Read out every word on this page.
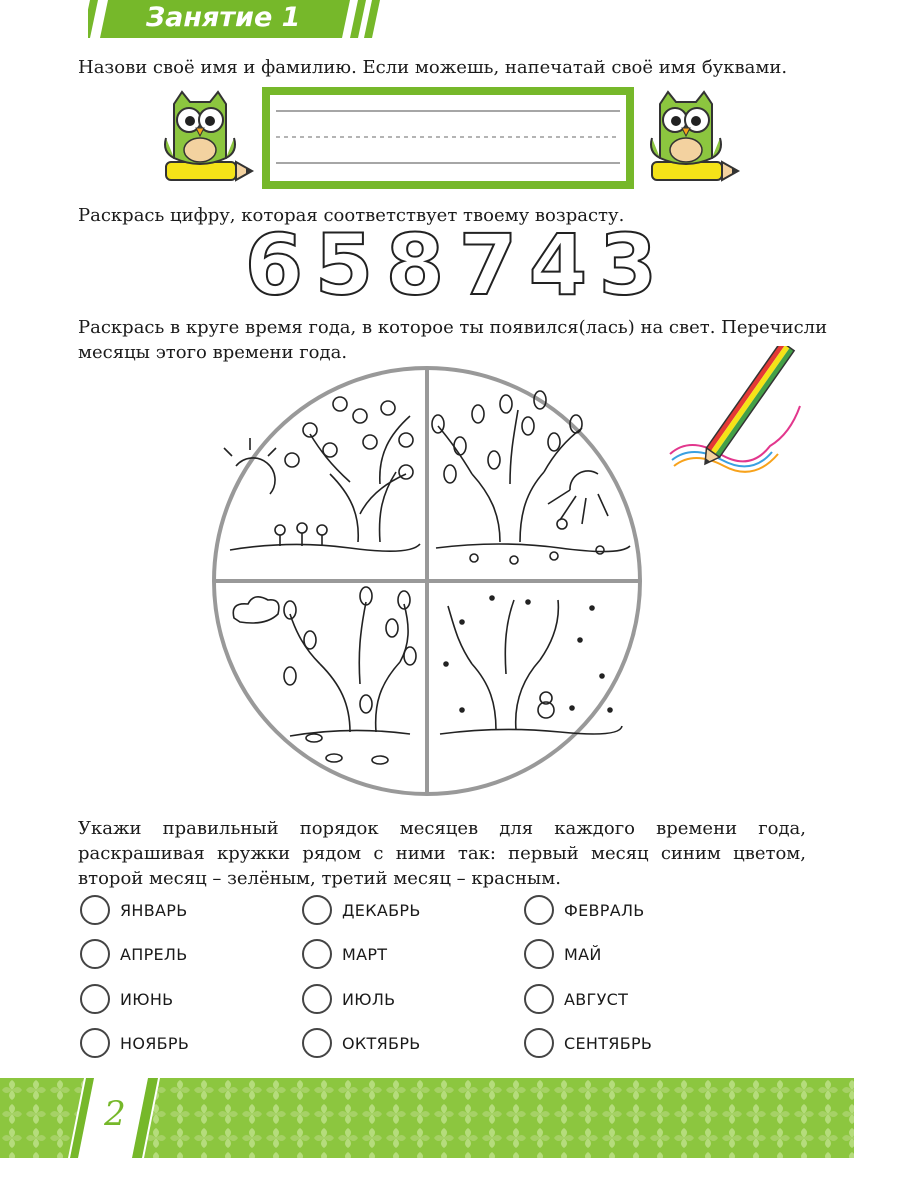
Занятие 1
Назови своё имя и фамилию. Если можешь, напечатай своё имя буквами.
Раскрась цифру, которая соответствует твоему возрасту.
6 5 8 7 4 3
Раскрась в круге время года, в которое ты появился(лась) на свет. Перечисли
месяцы этого времени года.
Укажи правильный порядок месяцев для каждого времени года, раскрашивая кружки рядом с ними так: первый месяц синим цветом, второй месяц – зелёным, третий месяц – красным.
ЯНВАРЬ	ДЕКАБРЬ	ФЕВРАЛЬ
АПРЕЛЬ	МАРТ	МАЙ
ИЮНЬ	ИЮЛЬ	АВГУСТ
НОЯБРЬ	ОКТЯБРЬ	СЕНТЯБРЬ
2
